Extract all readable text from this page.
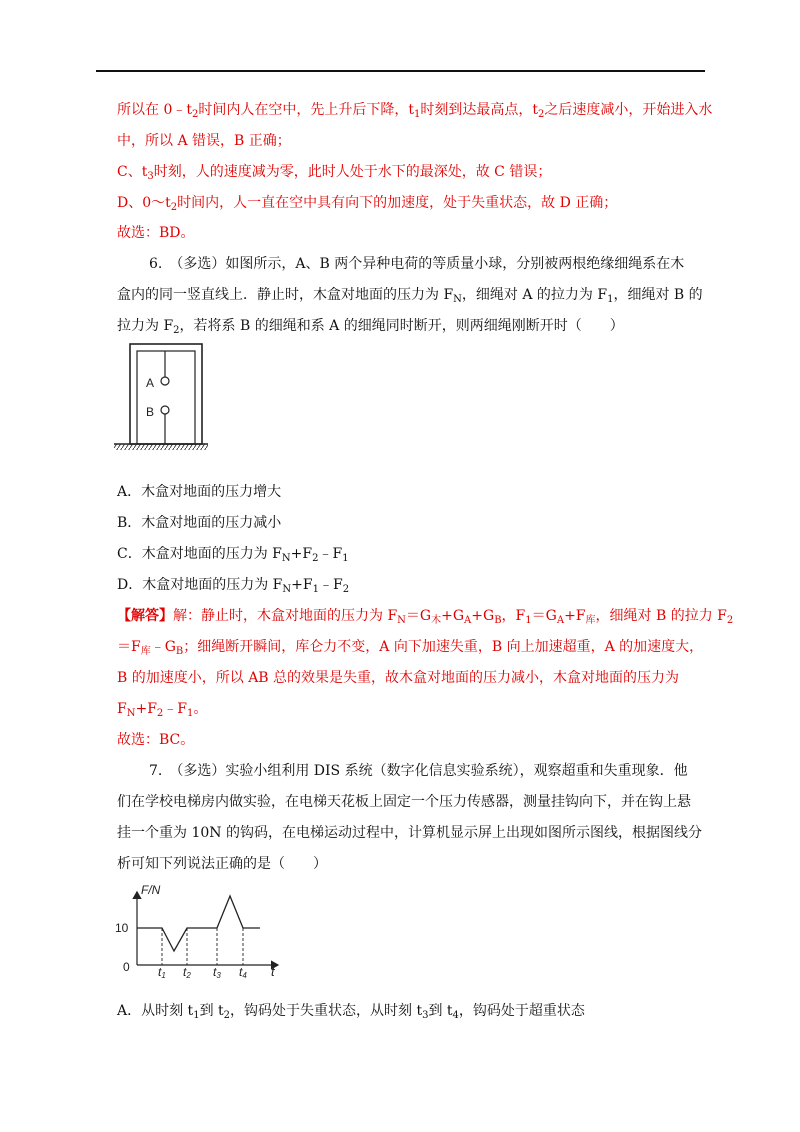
所以在 $0﹣t_2$时间内人在空中，先上升后下降，$t_1$时刻到达最高点，$t_2$之后速度减小，开始进入水
中，所以 A 错误，B 正确；
C、$t_3$时刻，人的速度减为零，此时人处于水下的最深处，故 C 错误；
D、$0\sim t_2$时间内，人一直在空中具有向下的加速度，处于失重状态，故 D 正确；
故选：BD。
6.　（多选）如图所示，A、B 两个异种电荷的等质量小球，分别被两根绝缘细绳系在木
盒内的同一竖直线上．静止时，木盒对地面的压力为 $F_N$，细绳对 A 的拉力为 $F_1$，细绳对 B 的
拉力为 $F_2$，若将系 B 的细绳和系 A 的细绳同时断开，则两细绳刚断开时（　　）
A
B
A．木盒对地面的压力增大
B．木盒对地面的压力减小
C．木盒对地面的压力为 $F_N+F_2﹣F_1$
D．木盒对地面的压力为 $F_N+F_1﹣F_2$
【解答】解：静止时，木盒对地面的压力为 $F_N=G_木+G_A+G_B$，$F_1=G_A+F_库$，细绳对 B 的拉力 $F_2$
$=F_库﹣G_B$；细绳断开瞬间，库仑力不变，A 向下加速失重，B 向上加速超重，A 的加速度大，
B 的加速度小，所以 AB 总的效果是失重，故木盒对地面的压力减小，木盒对地面的压力为
$F_N+F_2﹣F_1$。
故选：BC。
7.　（多选）实验小组利用 DIS 系统（数字化信息实验系统），观察超重和失重现象．他
们在学校电梯房内做实验，在电梯天花板上固定一个压力传感器，测量挂钩向下，并在钩上悬
挂一个重为 10N 的钩码，在电梯运动过程中，计算机显示屏上出现如图所示图线，根据图线分
析可知下列说法正确的是（　　）
F/N
t
0
10
t1 t2 t3 t4
A．从时刻 $t_1$到 $t_2$，钩码处于失重状态，从时刻 $t_3$到 $t_4$，钩码处于超重状态
